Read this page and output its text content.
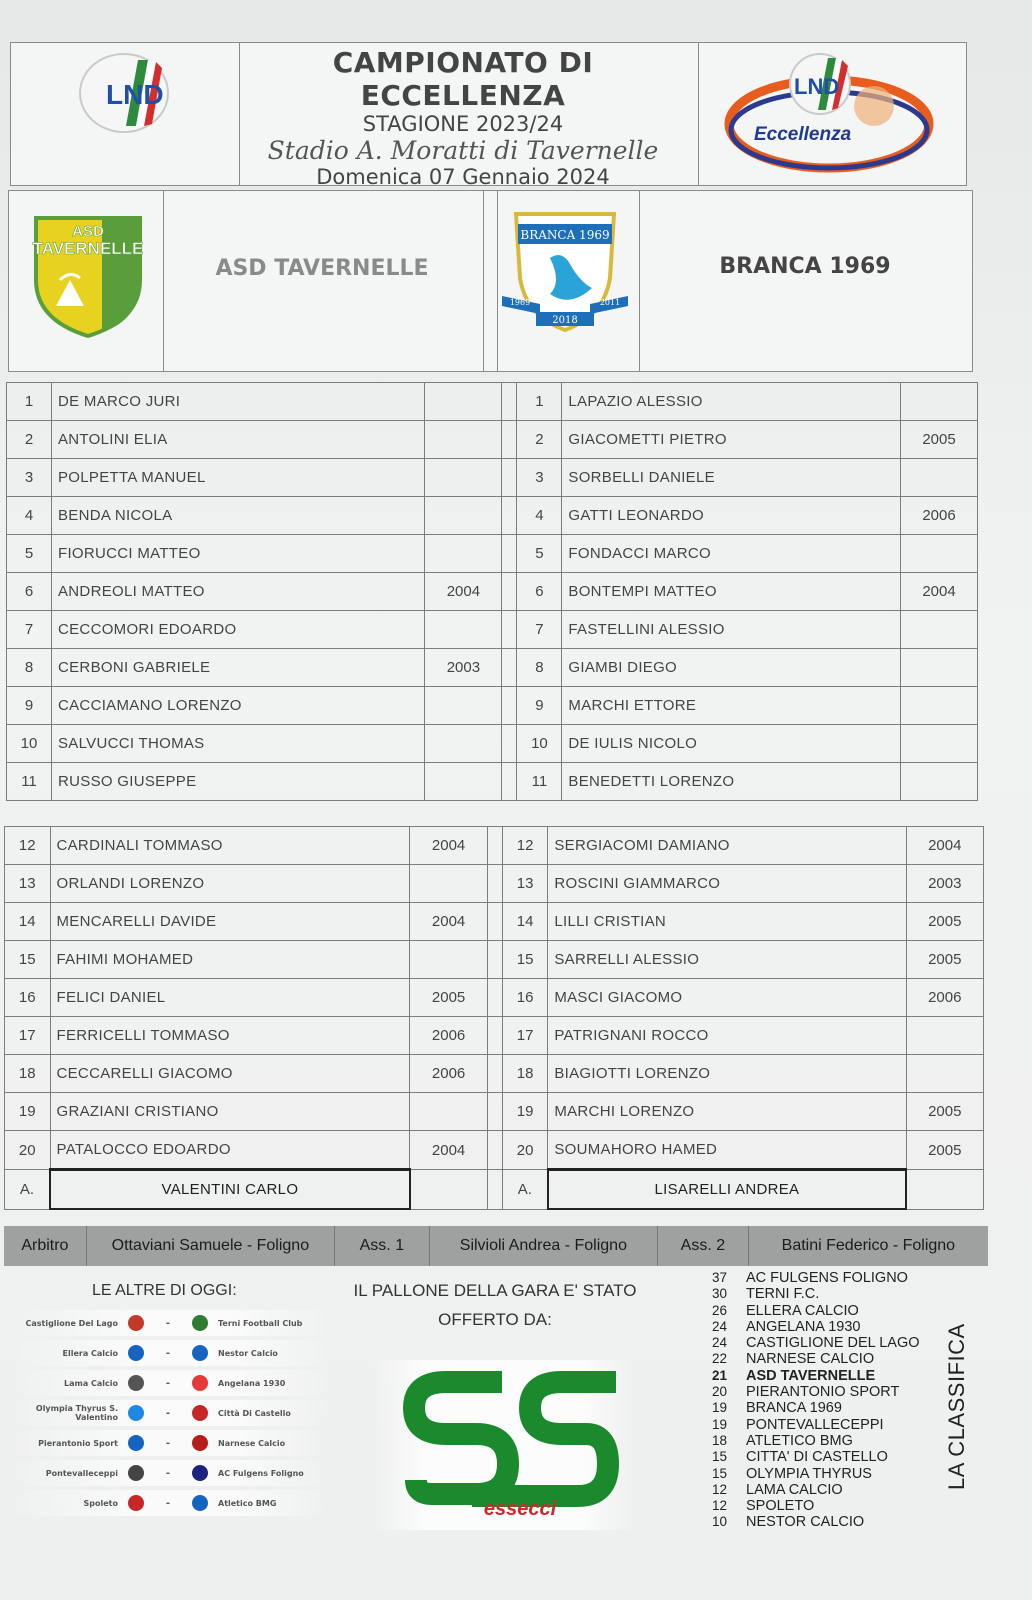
LND
CAMPIONATO DI ECCELLENZA
STAGIONE 2023/24
Stadio A. Moratti di Tavernelle
Domenica 07 Gennaio 2024
LND
Eccellenza
ASD
TAVERNELLE
ASD TAVERNELLE
BRANCA 1969
1969	2011
2018
BRANCA 1969
1	DE MARCO JURI			1	LAPAZIO ALESSIO	
2	ANTOLINI ELIA			2	GIACOMETTI PIETRO	2005
3	POLPETTA MANUEL			3	SORBELLI DANIELE	
4	BENDA NICOLA			4	GATTI LEONARDO	2006
5	FIORUCCI MATTEO			5	FONDACCI MARCO	
6	ANDREOLI MATTEO	2004		6	BONTEMPI MATTEO	2004
7	CECCOMORI EDOARDO			7	FASTELLINI ALESSIO	
8	CERBONI GABRIELE	2003		8	GIAMBI DIEGO	
9	CACCIAMANO LORENZO			9	MARCHI ETTORE	
10	SALVUCCI THOMAS			10	DE IULIS NICOLO	
11	RUSSO GIUSEPPE			11	BENEDETTI LORENZO	
12	CARDINALI TOMMASO	2004		12	SERGIACOMI DAMIANO	2004
13	ORLANDI LORENZO			13	ROSCINI GIAMMARCO	2003
14	MENCARELLI DAVIDE	2004		14	LILLI CRISTIAN	2005
15	FAHIMI MOHAMED			15	SARRELLI ALESSIO	2005
16	FELICI DANIEL	2005		16	MASCI GIACOMO	2006
17	FERRICELLI TOMMASO	2006		17	PATRIGNANI ROCCO	
18	CECCARELLI GIACOMO	2006		18	BIAGIOTTI LORENZO	
19	GRAZIANI CRISTIANO			19	MARCHI LORENZO	2005
20	PATALOCCO EDOARDO	2004		20	SOUMAHORO HAMED	2005
A.	VALENTINI CARLO			A.	LISARELLI ANDREA	
Arbitro	Ottaviani Samuele - Foligno	Ass. 1	Silvioli Andrea - Foligno	Ass. 2	Batini Federico - Foligno
LE ALTRE DI OGGI:
Castiglione Del Lago	-	Terni Football Club
Ellera Calcio	-	Nestor Calcio
Lama Calcio	-	Angelana 1930
Olympia Thyrus S. Valentino	-	Città Di Castello
Pierantonio Sport	-	Narnese Calcio
Pontevalleceppi	-	AC Fulgens Foligno
Spoleto	-	Atletico BMG
IL PALLONE DELLA GARA E' STATO
OFFERTO DA:
essecci
37 AC FULGENS FOLIGNO
30 TERNI F.C.
26 ELLERA CALCIO
24 ANGELANA 1930
24 CASTIGLIONE DEL LAGO
22 NARNESE CALCIO
21 ASD TAVERNELLE
20 PIERANTONIO SPORT
19 BRANCA 1969
19 PONTEVALLECEPPI
18 ATLETICO BMG
15 CITTA' DI CASTELLO
15 OLYMPIA THYRUS
12 LAMA CALCIO
12 SPOLETO
10 NESTOR CALCIO
LA CLASSIFICA
